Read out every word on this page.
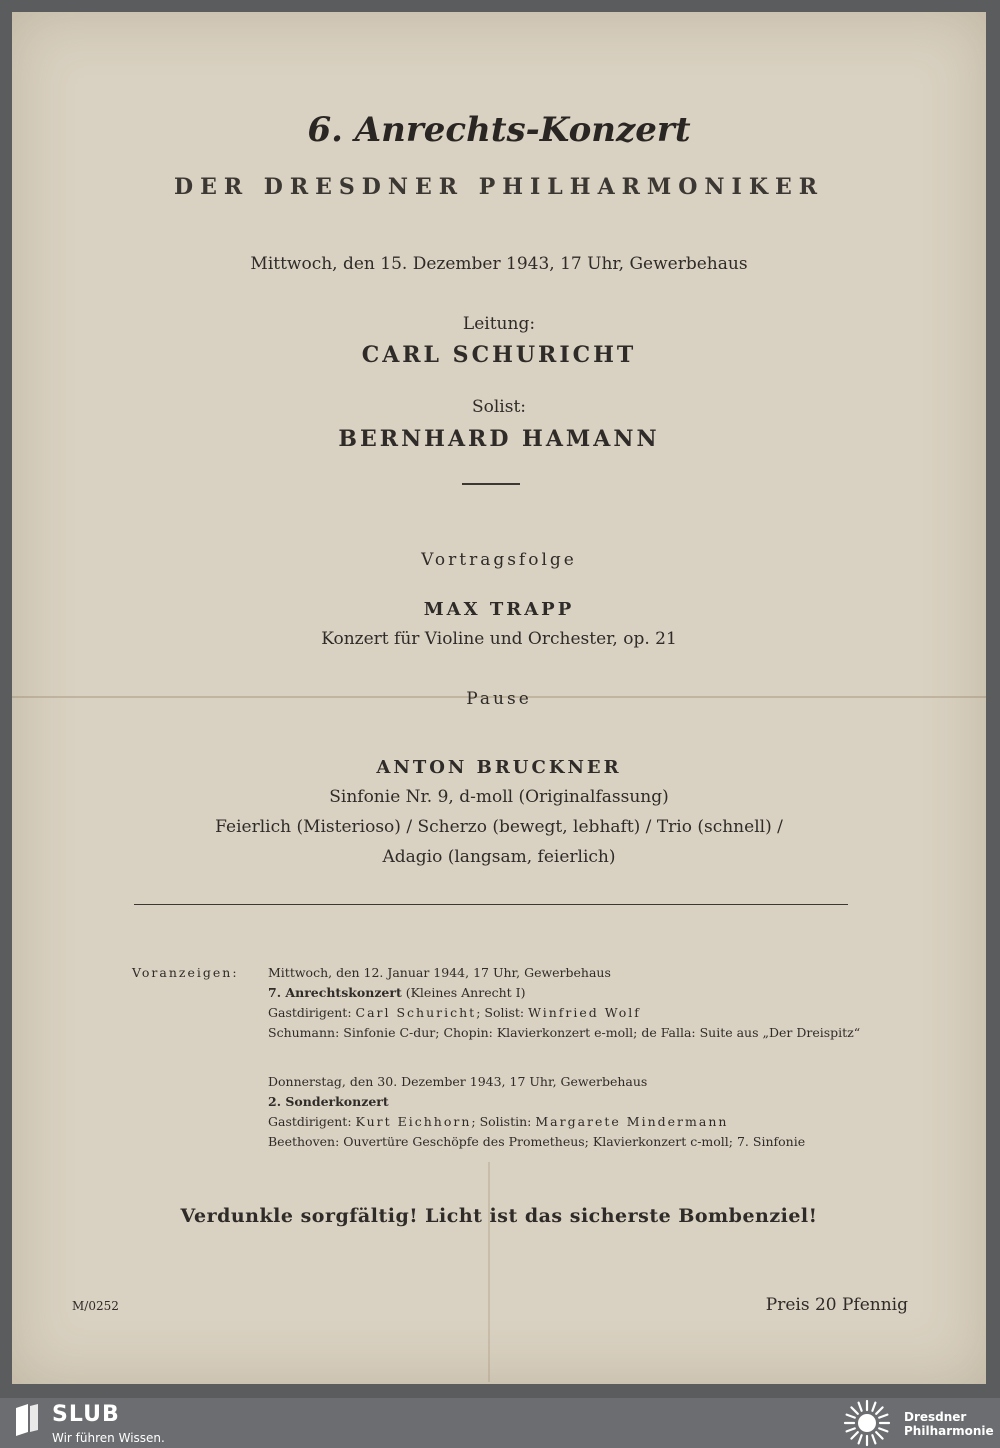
6. Anrechts-Konzert
DER DRESDNER PHILHARMONIKER
Mittwoch, den 15. Dezember 1943, 17 Uhr, Gewerbehaus
Leitung:
CARL SCHURICHT
Solist:
BERNHARD HAMANN
Vortragsfolge
MAX TRAPP
Konzert für Violine und Orchester, op. 21
Pause
ANTON BRUCKNER
Sinfonie Nr. 9, d-moll (Originalfassung)
Feierlich (Misterioso) / Scherzo (bewegt, lebhaft) / Trio (schnell) /
Adagio (langsam, feierlich)
Voranzeigen: Mittwoch, den 12. Januar 1944, 17 Uhr, Gewerbehaus
7. Anrechtskonzert (Kleines Anrecht I)
Gastdirigent: Carl Schuricht; Solist: Winfried Wolf
Schumann: Sinfonie C-dur; Chopin: Klavierkonzert e-moll; de Falla: Suite aus „Der Dreispitz“
Donnerstag, den 30. Dezember 1943, 17 Uhr, Gewerbehaus
2. Sonderkonzert
Gastdirigent: Kurt Eichhorn; Solistin: Margarete Mindermann
Beethoven: Ouvertüre Geschöpfe des Prometheus; Klavierkonzert c-moll; 7. Sinfonie
Verdunkle sorgfältig! Licht ist das sicherste Bombenziel!
M/0252	Preis 20 Pfennig
SLUB
Wir führen Wissen.
Dresdner
Philharmonie
